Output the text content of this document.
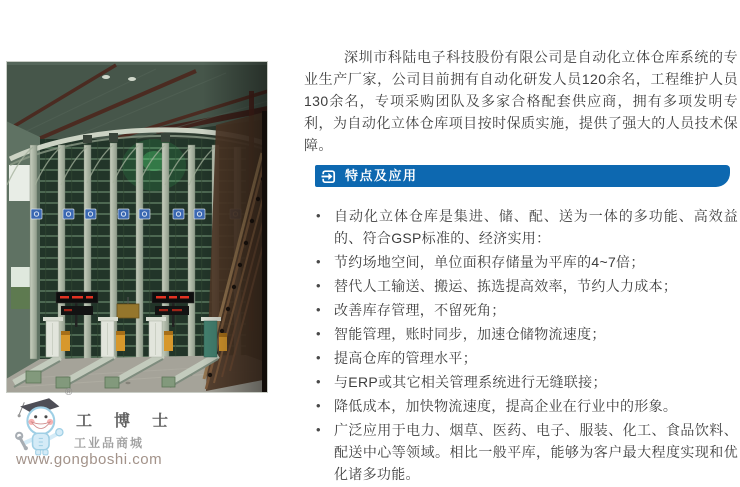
深圳市科陆电子科技股份有限公司是自动化立体仓库系统的专业生产厂家，公司目前拥有自动化研发人员120余名，工程维护人员130余名，专项采购团队及多家合格配套供应商，拥有多项发明专利，为自动化立体仓库项目按时保质实施，提供了强大的人员技术保障。

特点及应用
• 自动化立体仓库是集进、储、配、送为一体的多功能、高效益的、符合GSP标准的、经济实用：
• 节约场地空间，单位面积存储量为平库的4~7倍；
• 替代人工输送、搬运、拣选提高效率，节约人力成本；
• 改善库存管理，不留死角；
• 智能管理，账时同步，加速仓储物流速度；
• 提高仓库的管理水平；
• 与ERP或其它相关管理系统进行无缝联接；
• 降低成本，加快物流速度，提高企业在行业中的形象。
• 广泛应用于电力、烟草、医药、电子、服装、化工、食品饮料、配送中心等领域。相比一般平库，能够为客户最大程度实现和优化诸多功能。
®
工 博 士
工业品商城
www.gongboshi.com
